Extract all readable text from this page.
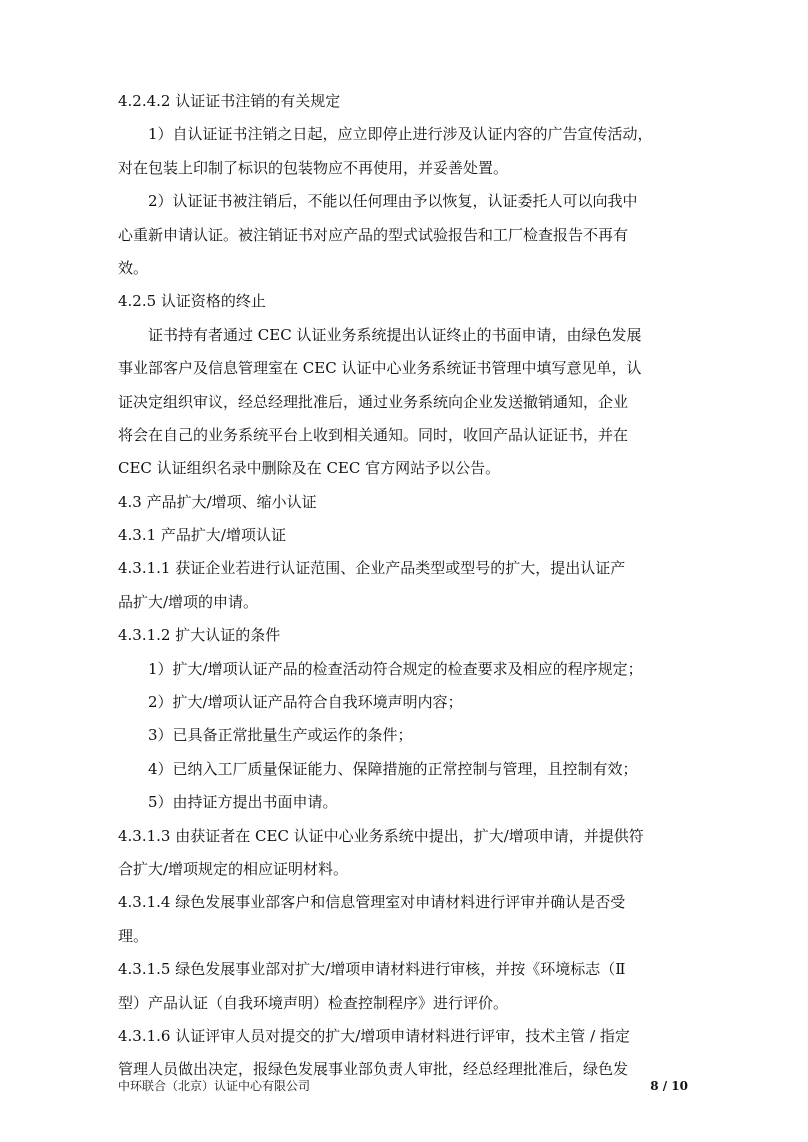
4.2.4.2 认证证书注销的有关规定
1）自认证证书注销之日起，应立即停止进行涉及认证内容的广告宣传活动，
对在包装上印制了标识的包装物应不再使用，并妥善处置。
2）认证证书被注销后，不能以任何理由予以恢复，认证委托人可以向我中
心重新申请认证。被注销证书对应产品的型式试验报告和工厂检查报告不再有
效。
4.2.5 认证资格的终止
证书持有者通过 CEC 认证业务系统提出认证终止的书面申请，由绿色发展
事业部客户及信息管理室在 CEC 认证中心业务系统证书管理中填写意见单，认
证决定组织审议，经总经理批准后，通过业务系统向企业发送撤销通知，企业
将会在自己的业务系统平台上收到相关通知。同时，收回产品认证证书，并在
CEC 认证组织名录中删除及在 CEC 官方网站予以公告。
4.3 产品扩大/增项、缩小认证
4.3.1 产品扩大/增项认证
4.3.1.1 获证企业若进行认证范围、企业产品类型或型号的扩大，提出认证产
品扩大/增项的申请。
4.3.1.2 扩大认证的条件
1）扩大/增项认证产品的检查活动符合规定的检查要求及相应的程序规定；
2）扩大/增项认证产品符合自我环境声明内容；
3）已具备正常批量生产或运作的条件；
4）已纳入工厂质量保证能力、保障措施的正常控制与管理，且控制有效；
5）由持证方提出书面申请。
4.3.1.3 由获证者在 CEC 认证中心业务系统中提出，扩大/增项申请，并提供符
合扩大/增项规定的相应证明材料。
4.3.1.4 绿色发展事业部客户和信息管理室对申请材料进行评审并确认是否受
理。
4.3.1.5 绿色发展事业部对扩大/增项申请材料进行审核，并按《环境标志（Ⅱ
型）产品认证（自我环境声明）检查控制程序》进行评价。
4.3.1.6 认证评审人员对提交的扩大/增项申请材料进行评审，技术主管 / 指定
管理人员做出决定，报绿色发展事业部负责人审批，经总经理批准后，绿色发
中环联合（北京）认证中心有限公司	8 / 10
